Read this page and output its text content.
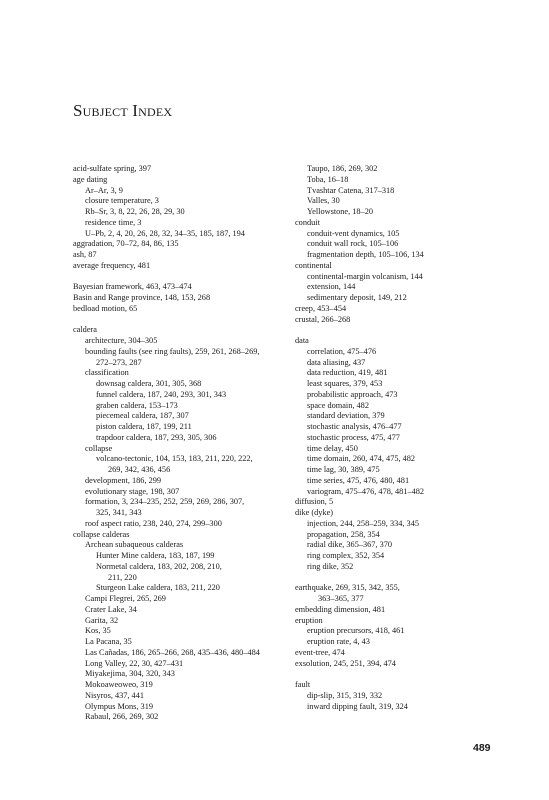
Subject Index
acid-sulfate spring, 397
age dating
Ar–Ar, 3, 9
closure temperature, 3
Rb–Sr, 3, 8, 22, 26, 28, 29, 30
residence time, 3
U–Pb, 2, 4, 20, 26, 28, 32, 34–35, 185, 187, 194
aggradation, 70–72, 84, 86, 135
ash, 87
average frequency, 481
Bayesian framework, 463, 473–474
Basin and Range province, 148, 153, 268
bedload motion, 65
caldera
architecture, 304–305
bounding faults (see ring faults), 259, 261, 268–269,
272–273, 287
classification
downsag caldera, 301, 305, 368
funnel caldera, 187, 240, 293, 301, 343
graben caldera, 153–173
piecemeal caldera, 187, 307
piston caldera, 187, 199, 211
trapdoor caldera, 187, 293, 305, 306
collapse
volcano-tectonic, 104, 153, 183, 211, 220, 222,
269, 342, 436, 456
development, 186, 299
evolutionary stage, 198, 307
formation, 3, 234–235, 252, 259, 269, 286, 307,
325, 341, 343
roof aspect ratio, 238, 240, 274, 299–300
collapse calderas
Archean subaqueous calderas
Hunter Mine caldera, 183, 187, 199
Normetal caldera, 183, 202, 208, 210,
211, 220
Sturgeon Lake caldera, 183, 211, 220
Campi Flegrei, 265, 269
Crater Lake, 34
Garita, 32
Kos, 35
La Pacana, 35
Las Cañadas, 186, 265–266, 268, 435–436, 480–484
Long Valley, 22, 30, 427–431
Miyakejima, 304, 320, 343
Mokoaweoweo, 319
Nisyros, 437, 441
Olympus Mons, 319
Rabaul, 266, 269, 302
Taupo, 186, 269, 302
Toba, 16–18
Tvashtar Catena, 317–318
Valles, 30
Yellowstone, 18–20
conduit
conduit-vent dynamics, 105
conduit wall rock, 105–106
fragmentation depth, 105–106, 134
continental
continental-margin volcanism, 144
extension, 144
sedimentary deposit, 149, 212
creep, 453–454
crustal, 266–268
data
correlation, 475–476
data aliasing, 437
data reduction, 419, 481
least squares, 379, 453
probabilistic approach, 473
space domain, 482
standard deviation, 379
stochastic analysis, 476–477
stochastic process, 475, 477
time delay, 450
time domain, 260, 474, 475, 482
time lag, 30, 389, 475
time series, 475, 476, 480, 481
variogram, 475–476, 478, 481–482
diffusion, 5
dike (dyke)
injection, 244, 258–259, 334, 345
propagation, 258, 354
radial dike, 365–367, 370
ring complex, 352, 354
ring dike, 352
earthquake, 269, 315, 342, 355,
363–365, 377
embedding dimension, 481
eruption
eruption precursors, 418, 461
eruption rate, 4, 43
event-tree, 474
exsolution, 245, 251, 394, 474
fault
dip-slip, 315, 319, 332
inward dipping fault, 319, 324
489
